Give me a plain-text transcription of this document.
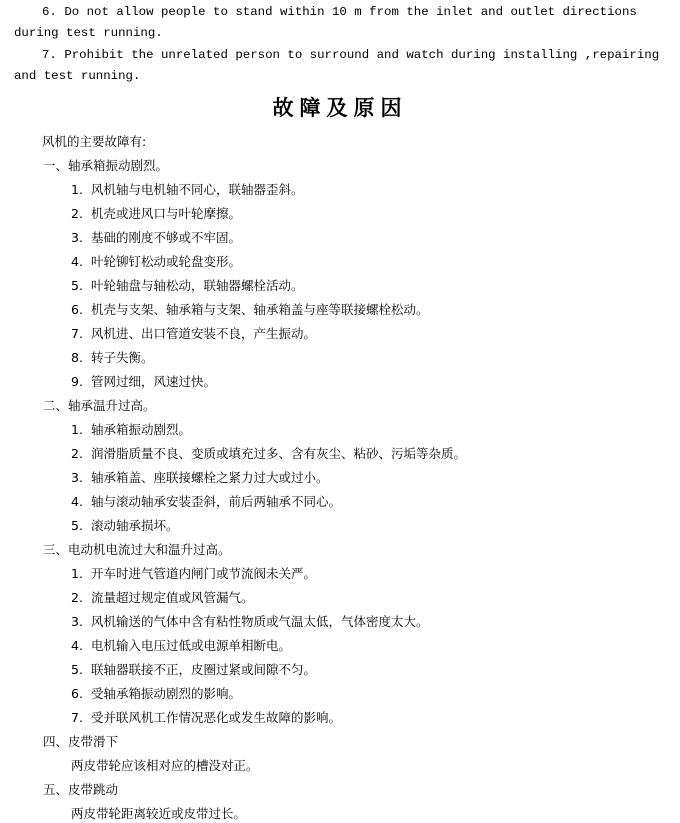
6. Do not allow people to stand within 10 m from the inlet and outlet directions during test running.

7. Prohibit the unrelated person to surround and watch during installing ,repairing and test running.

故障及原因
风机的主要故障有:
一、轴承箱振动剧烈。
1. 风机轴与电机轴不同心，联轴器歪斜。
2. 机壳或进风口与叶轮摩擦。
3. 基础的刚度不够或不牢固。
4. 叶轮铆钉松动或轮盘变形。
5. 叶轮轴盘与轴松动，联轴器螺栓活动。
6. 机壳与支架、轴承箱与支架、轴承箱盖与座等联接螺栓松动。
7. 风机进、出口管道安装不良，产生振动。
8. 转子失衡。
9. 管网过细，风速过快。
二、轴承温升过高。
1. 轴承箱振动剧烈。
2. 润滑脂质量不良、变质或填充过多、含有灰尘、粘砂、污垢等杂质。
3. 轴承箱盖、座联接螺栓之紧力过大或过小。
4. 轴与滚动轴承安装歪斜，前后两轴承不同心。
5. 滚动轴承损坏。
三、电动机电流过大和温升过高。
1. 开车时进气管道内闸门或节流阀未关严。
2. 流量超过规定值或风管漏气。
3. 风机输送的气体中含有粘性物质或气温太低，气体密度太大。
4. 电机输入电压过低或电源单相断电。
5. 联轴器联接不正，皮圈过紧或间隙不匀。
6. 受轴承箱振动剧烈的影响。
7. 受并联风机工作情况恶化或发生故障的影响。
四、皮带滑下
两皮带轮应该相对应的槽没对正。
五、皮带跳动
两皮带轮距离较近或皮带过长。
